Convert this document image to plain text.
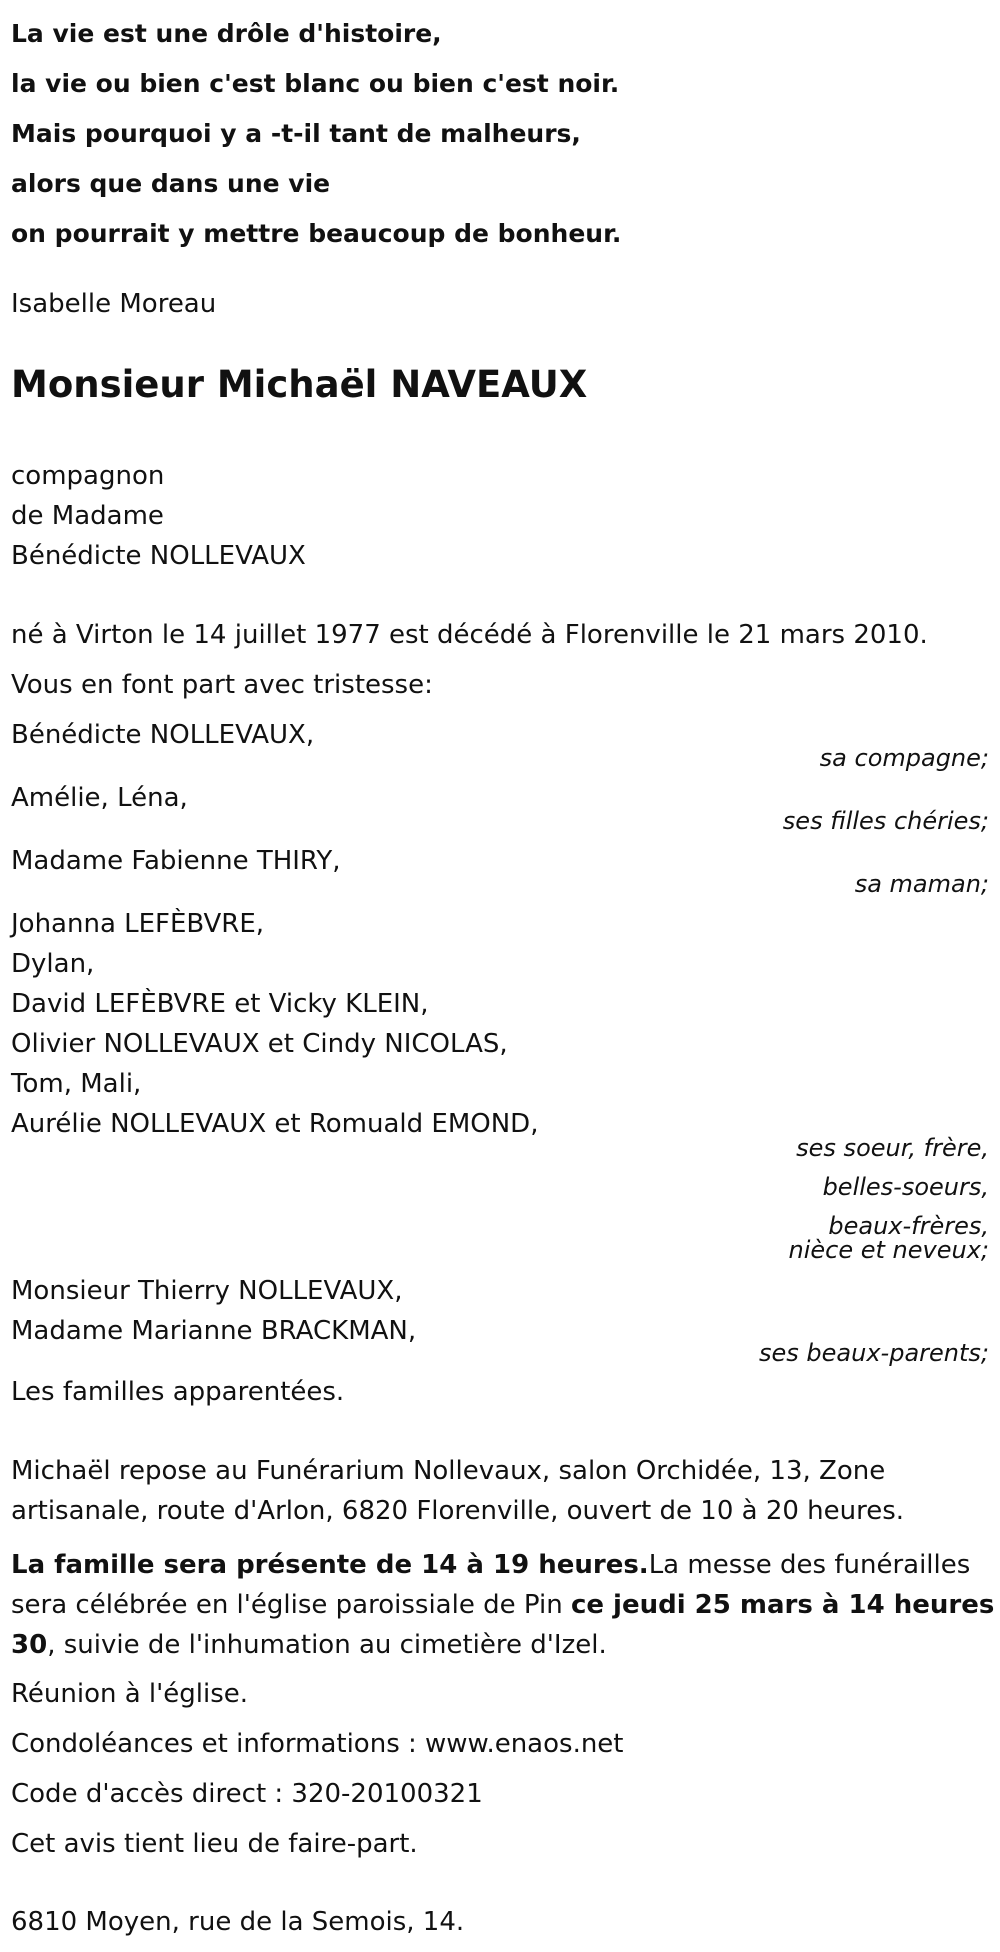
La vie est une drôle d'histoire,
la vie ou bien c'est blanc ou bien c'est noir.
Mais pourquoi y a -t-il tant de malheurs,
alors que dans une vie
on pourrait y mettre beaucoup de bonheur.
Isabelle Moreau
Monsieur Michaël NAVEAUX
compagnon
de Madame
Bénédicte NOLLEVAUX
né à Virton le 14 juillet 1977 est décédé à Florenville le 21 mars 2010.
Vous en font part avec tristesse:
Bénédicte NOLLEVAUX,
sa compagne;
Amélie, Léna,
ses filles chéries;
Madame Fabienne THIRY,
sa maman;
Johanna LEFÈBVRE,
Dylan,
David LEFÈBVRE et Vicky KLEIN,
Olivier NOLLEVAUX et Cindy NICOLAS,
Tom, Mali,
Aurélie NOLLEVAUX et Romuald EMOND,
ses soeur, frère,
belles-soeurs,
beaux-frères,
nièce et neveux;
Monsieur Thierry NOLLEVAUX,
Madame Marianne BRACKMAN,
ses beaux-parents;
Les familles apparentées.
Michaël repose au Funérarium Nollevaux, salon Orchidée, 13, Zone artisanale, route d'Arlon, 6820 Florenville, ouvert de 10 à 20 heures.
La famille sera présente de 14 à 19 heures.La messe des funérailles sera célébrée en l'église paroissiale de Pin ce jeudi 25 mars à 14 heures 30, suivie de l'inhumation au cimetière d'Izel.
Réunion à l'église.
Condoléances et informations : www.enaos.net
Code d'accès direct : 320-20100321
Cet avis tient lieu de faire-part.
6810 Moyen, rue de la Semois, 14.
